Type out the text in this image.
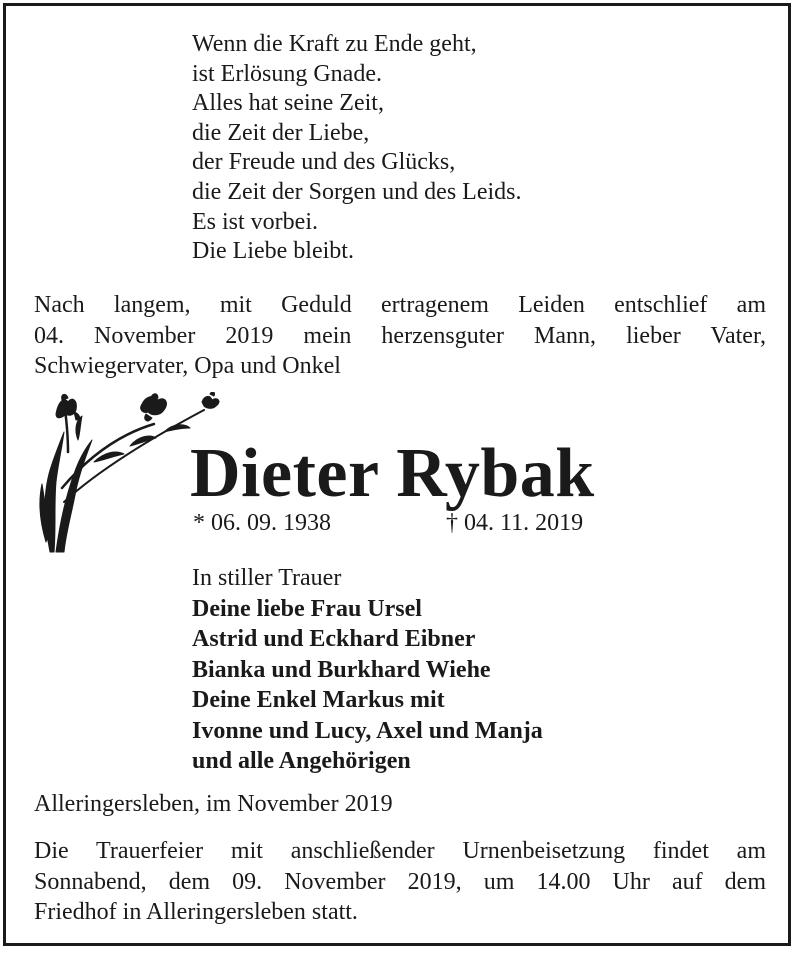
Wenn die Kraft zu Ende geht,
ist Erlösung Gnade.
Alles hat seine Zeit,
die Zeit der Liebe,
der Freude und des Glücks,
die Zeit der Sorgen und des Leids.
Es ist vorbei.
Die Liebe bleibt.
Nach langem, mit Geduld ertragenem Leiden entschlief am
04. November 2019 mein herzensguter Mann, lieber Vater,
Schwiegervater, Opa und Onkel
Dieter Rybak
* 06. 09. 1938	† 04. 11. 2019
In stiller Trauer
Deine liebe Frau Ursel
Astrid und Eckhard Eibner
Bianka und Burkhard Wiehe
Deine Enkel Markus mit
Ivonne und Lucy, Axel und Manja
und alle Angehörigen
Alleringersleben, im November 2019
Die Trauerfeier mit anschließender Urnenbeisetzung findet am
Sonnabend, dem 09. November 2019, um 14.00 Uhr auf dem
Friedhof in Alleringersleben statt.
